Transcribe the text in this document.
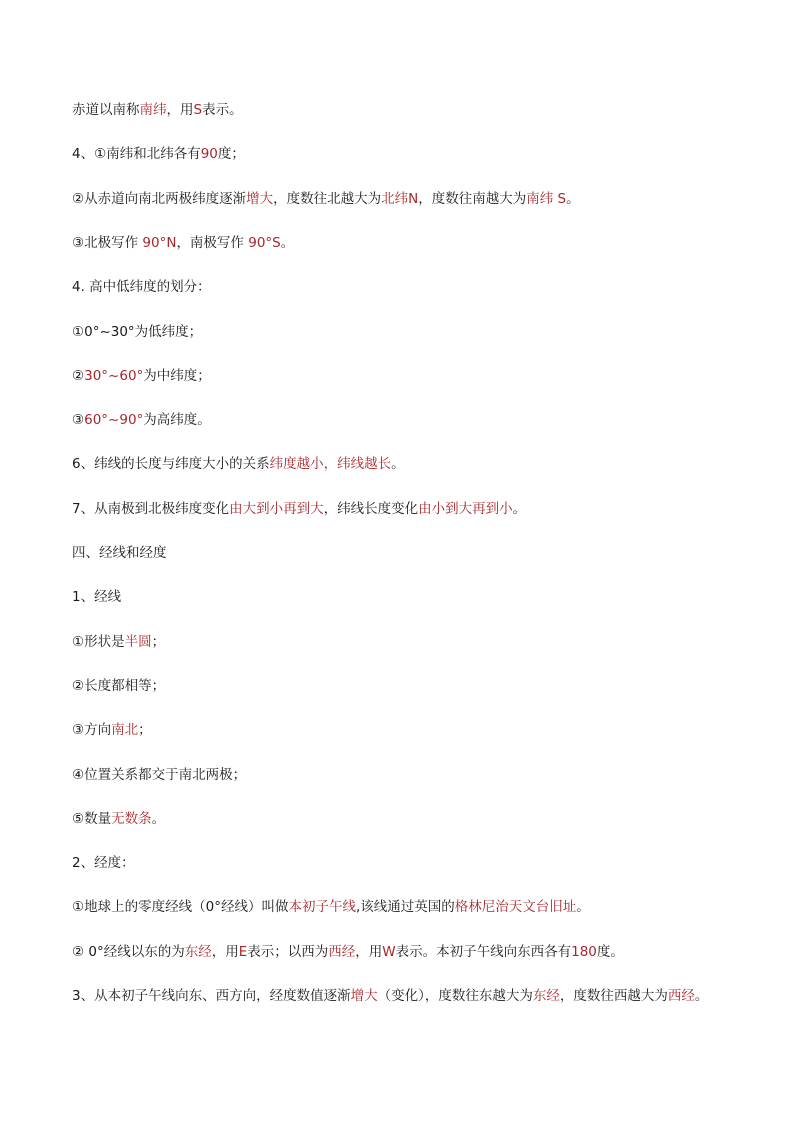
赤道以南称南纬，用S表示。
4、①南纬和北纬各有90度；
②从赤道向南北两极纬度逐渐增大，度数往北越大为北纬N，度数往南越大为南纬 S。
③北极写作 90°N，南极写作 90°S。
4. 高中低纬度的划分：
①0°~30°为低纬度；
②30°~60°为中纬度；
③60°~90°为高纬度。
6、纬线的长度与纬度大小的关系纬度越小，纬线越长。
7、从南极到北极纬度变化由大到小再到大，纬线长度变化由小到大再到小。
四、经线和经度
1、经线
①形状是半圆；
②长度都相等；
③方向南北；
④位置关系都交于南北两极；
⑤数量无数条。
2、经度：
①地球上的零度经线（0°经线）叫做本初子午线,该线通过英国的格林尼治天文台旧址。
② 0°经线以东的为东经，用E表示；以西为西经，用W表示。本初子午线向东西各有180度。
3、从本初子午线向东、西方向，经度数值逐渐增大（变化），度数往东越大为东经，度数往西越大为西经。
